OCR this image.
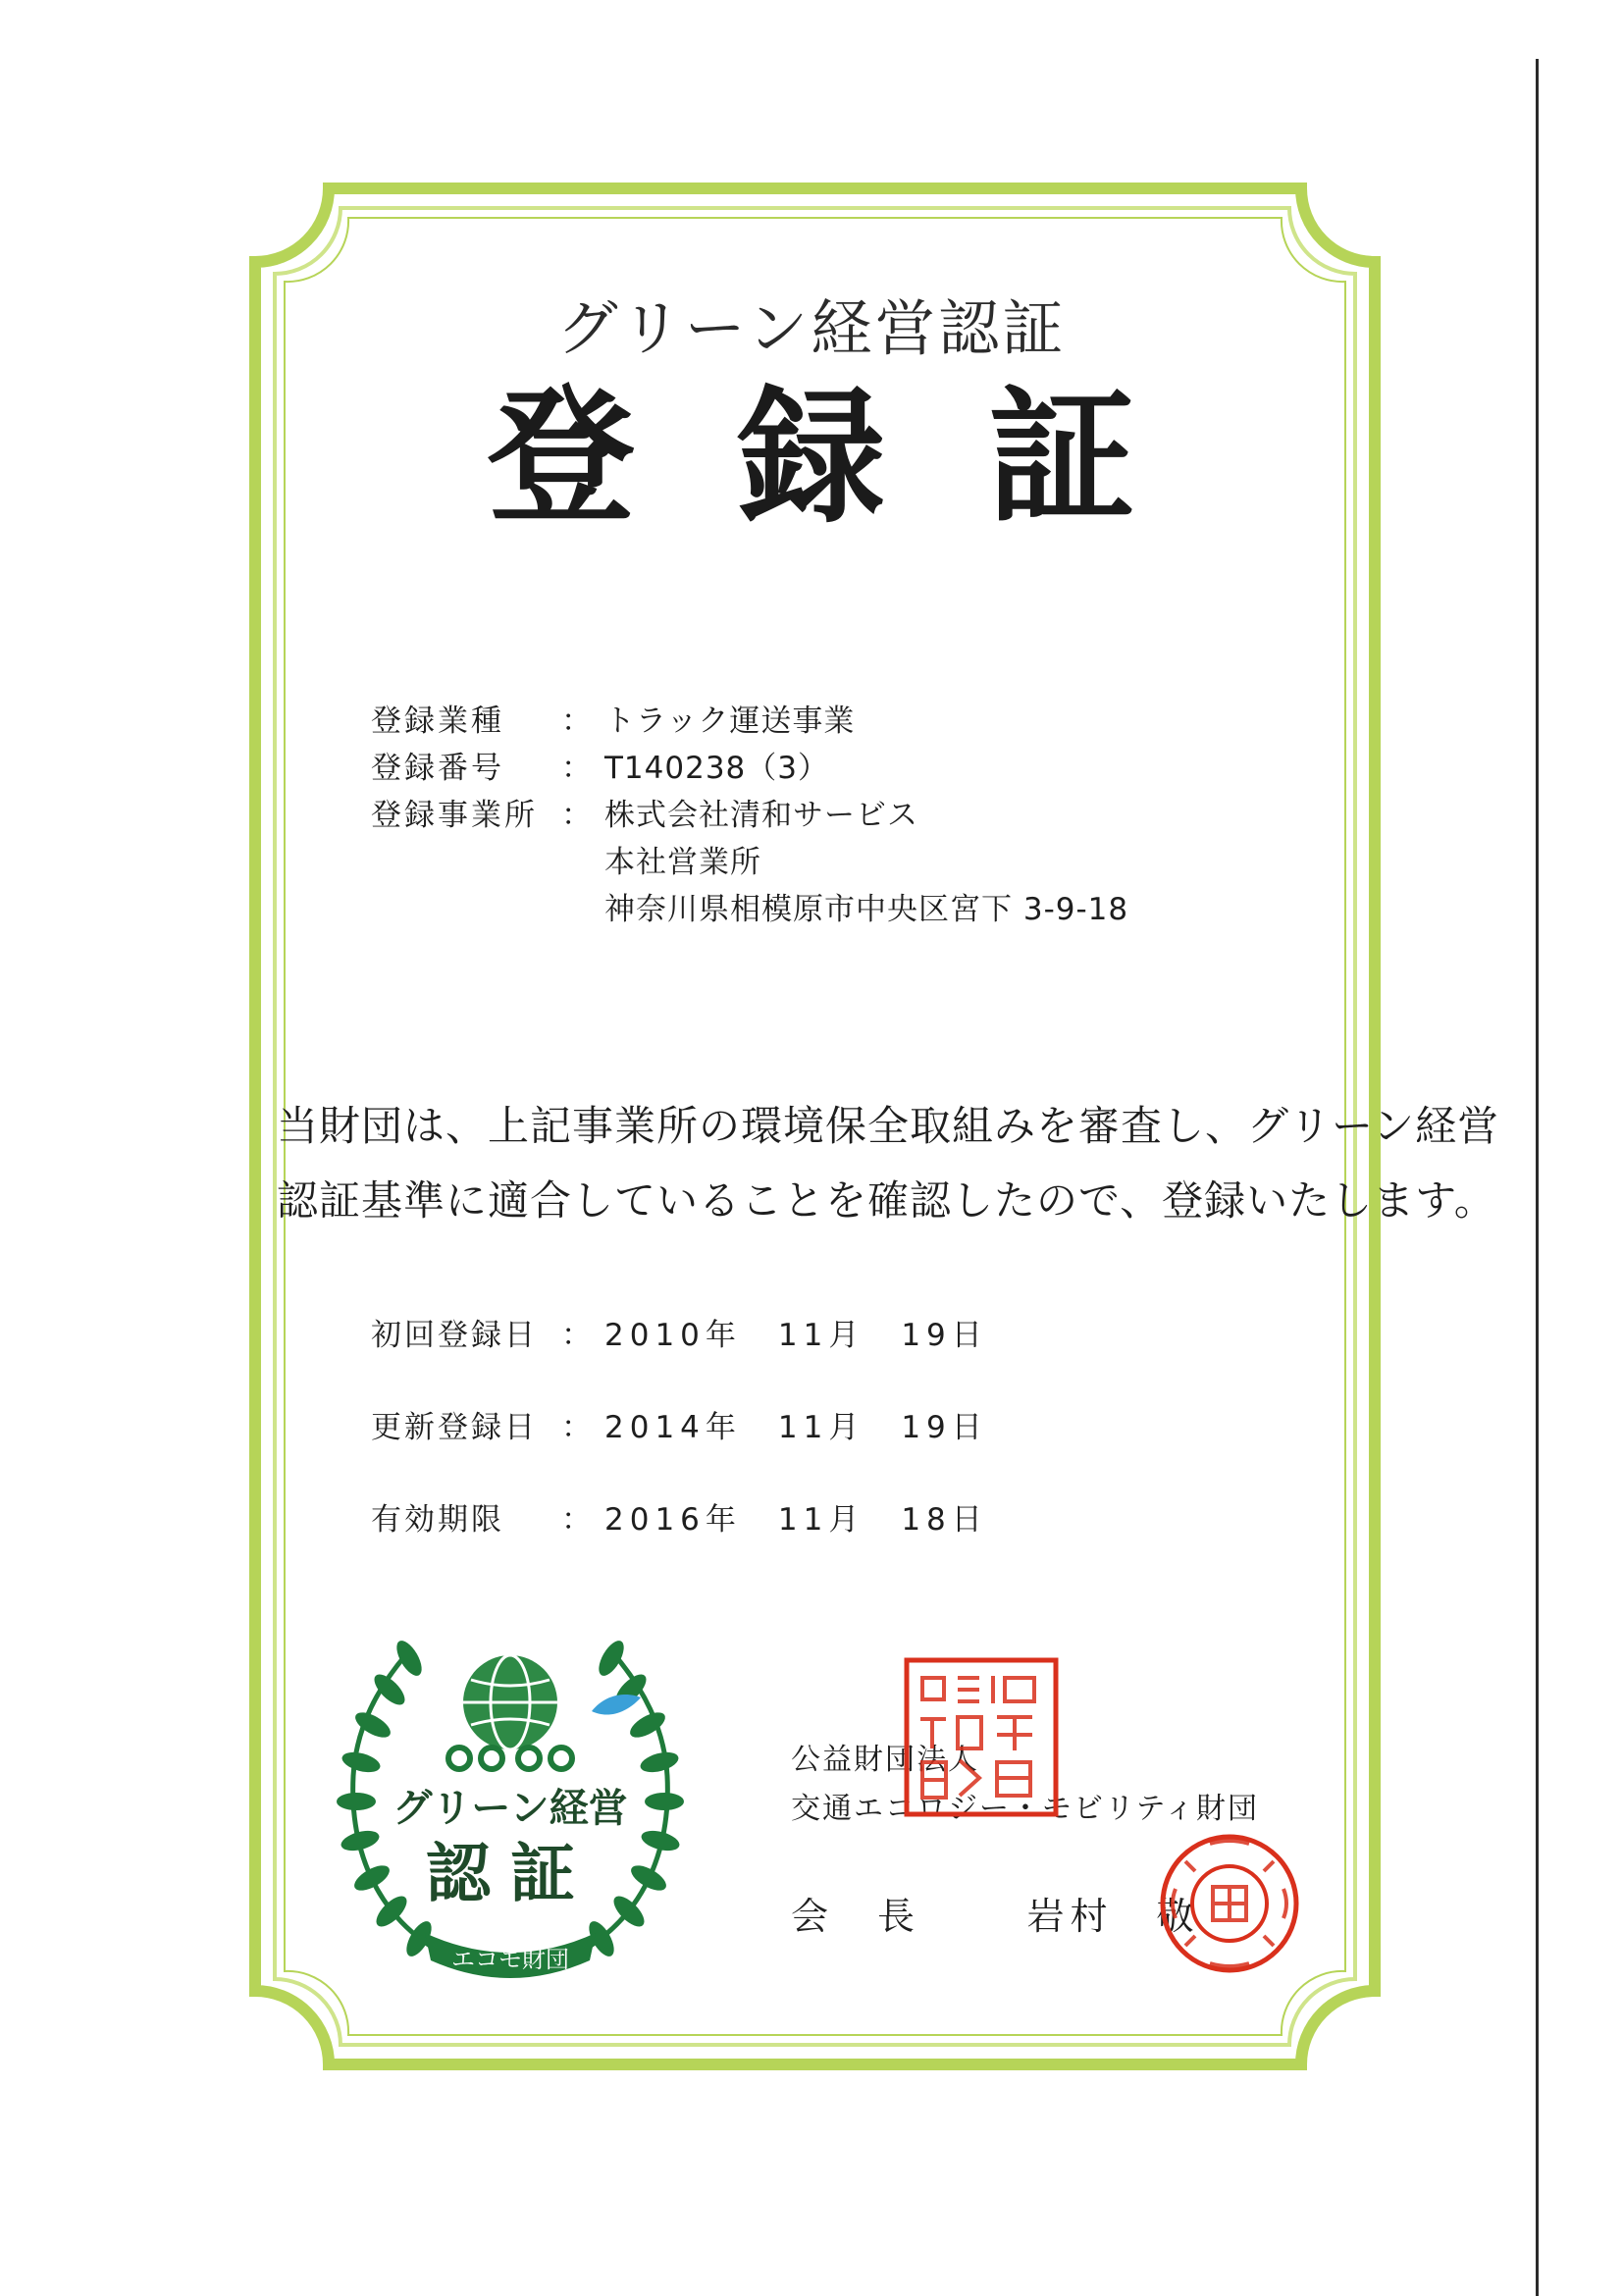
グリーン経営認証
登録証
登録業種 ： トラック運送事業
登録番号 ： T140238（3）
登録事業所 ： 株式会社清和サービス
本社営業所
神奈川県相模原市中央区宮下 3-9-18

当財団は、上記事業所の環境保全取組みを審査し、グリーン経営

認証基準に適合していることを確認したので、登録いたします。

初回登録日 ： 2010年　11月　19日
更新登録日 ： 2014年　11月　19日
有効期限 ： 2016年　11月　18日
グリーン経営
認証
エコモ財団
公益財団法人
交通エコロジー・モビリティ財団
会　長	岩村　敬
